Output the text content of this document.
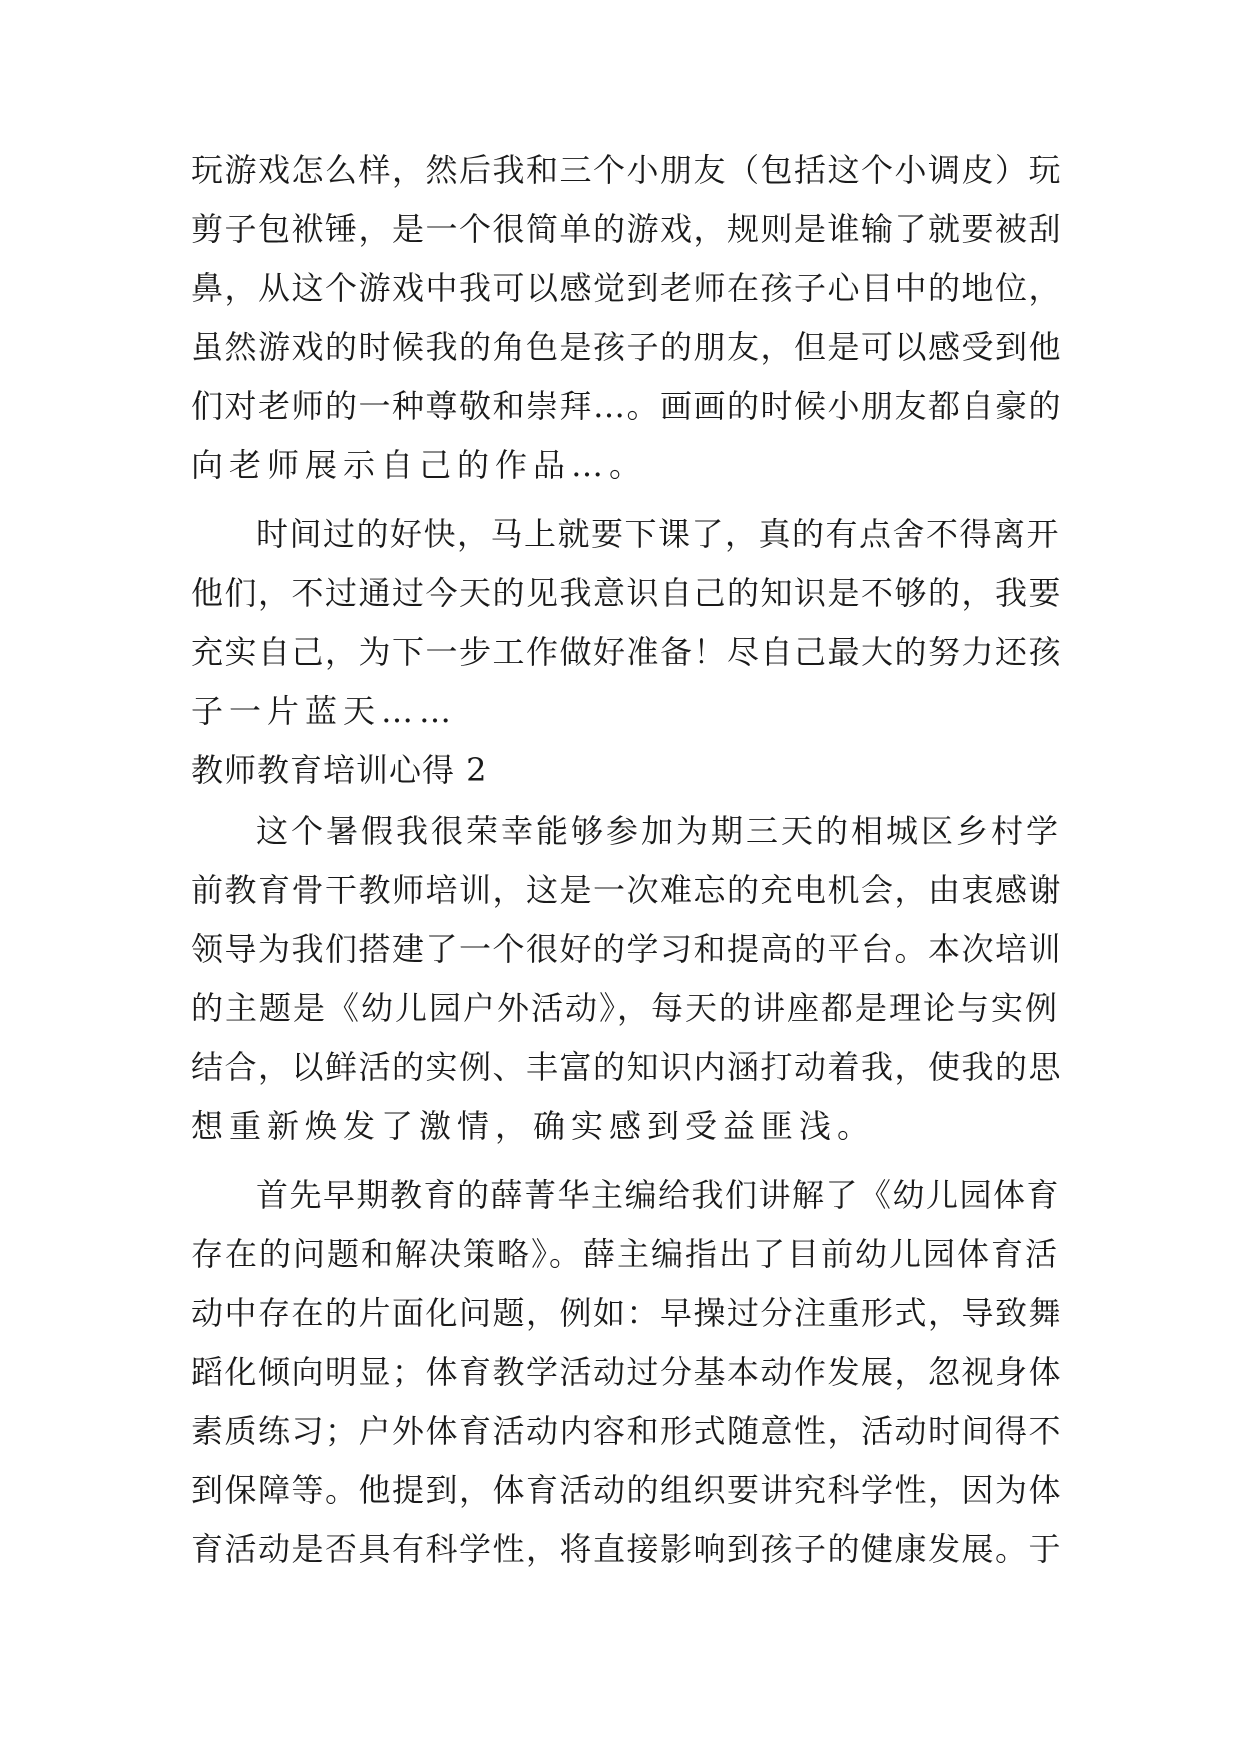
玩游戏怎么样，然后我和三个小朋友（包括这个小调皮）玩
剪子包袱锤，是一个很简单的游戏，规则是谁输了就要被刮
鼻，从这个游戏中我可以感觉到老师在孩子心目中的地位，
虽然游戏的时候我的角色是孩子的朋友，但是可以感受到他
们对老师的一种尊敬和崇拜…。画画的时候小朋友都自豪的
向老师展示自己的作品…。
时间过的好快，马上就要下课了，真的有点舍不得离开
他们，不过通过今天的见我意识自己的知识是不够的，我要
充实自己，为下一步工作做好准备！尽自己最大的努力还孩
子一片蓝天……
教师教育培训心得 2
这个暑假我很荣幸能够参加为期三天的相城区乡村学
前教育骨干教师培训，这是一次难忘的充电机会，由衷感谢
领导为我们搭建了一个很好的学习和提高的平台。本次培训
的主题是《幼儿园户外活动》，每天的讲座都是理论与实例
结合，以鲜活的实例、丰富的知识内涵打动着我，使我的思
想重新焕发了激情，确实感到受益匪浅。
首先早期教育的薛菁华主编给我们讲解了《幼儿园体育
存在的问题和解决策略》。薛主编指出了目前幼儿园体育活
动中存在的片面化问题，例如：早操过分注重形式，导致舞
蹈化倾向明显；体育教学活动过分基本动作发展，忽视身体
素质练习；户外体育活动内容和形式随意性，活动时间得不
到保障等。他提到，体育活动的组织要讲究科学性，因为体
育活动是否具有科学性，将直接影响到孩子的健康发展。于
